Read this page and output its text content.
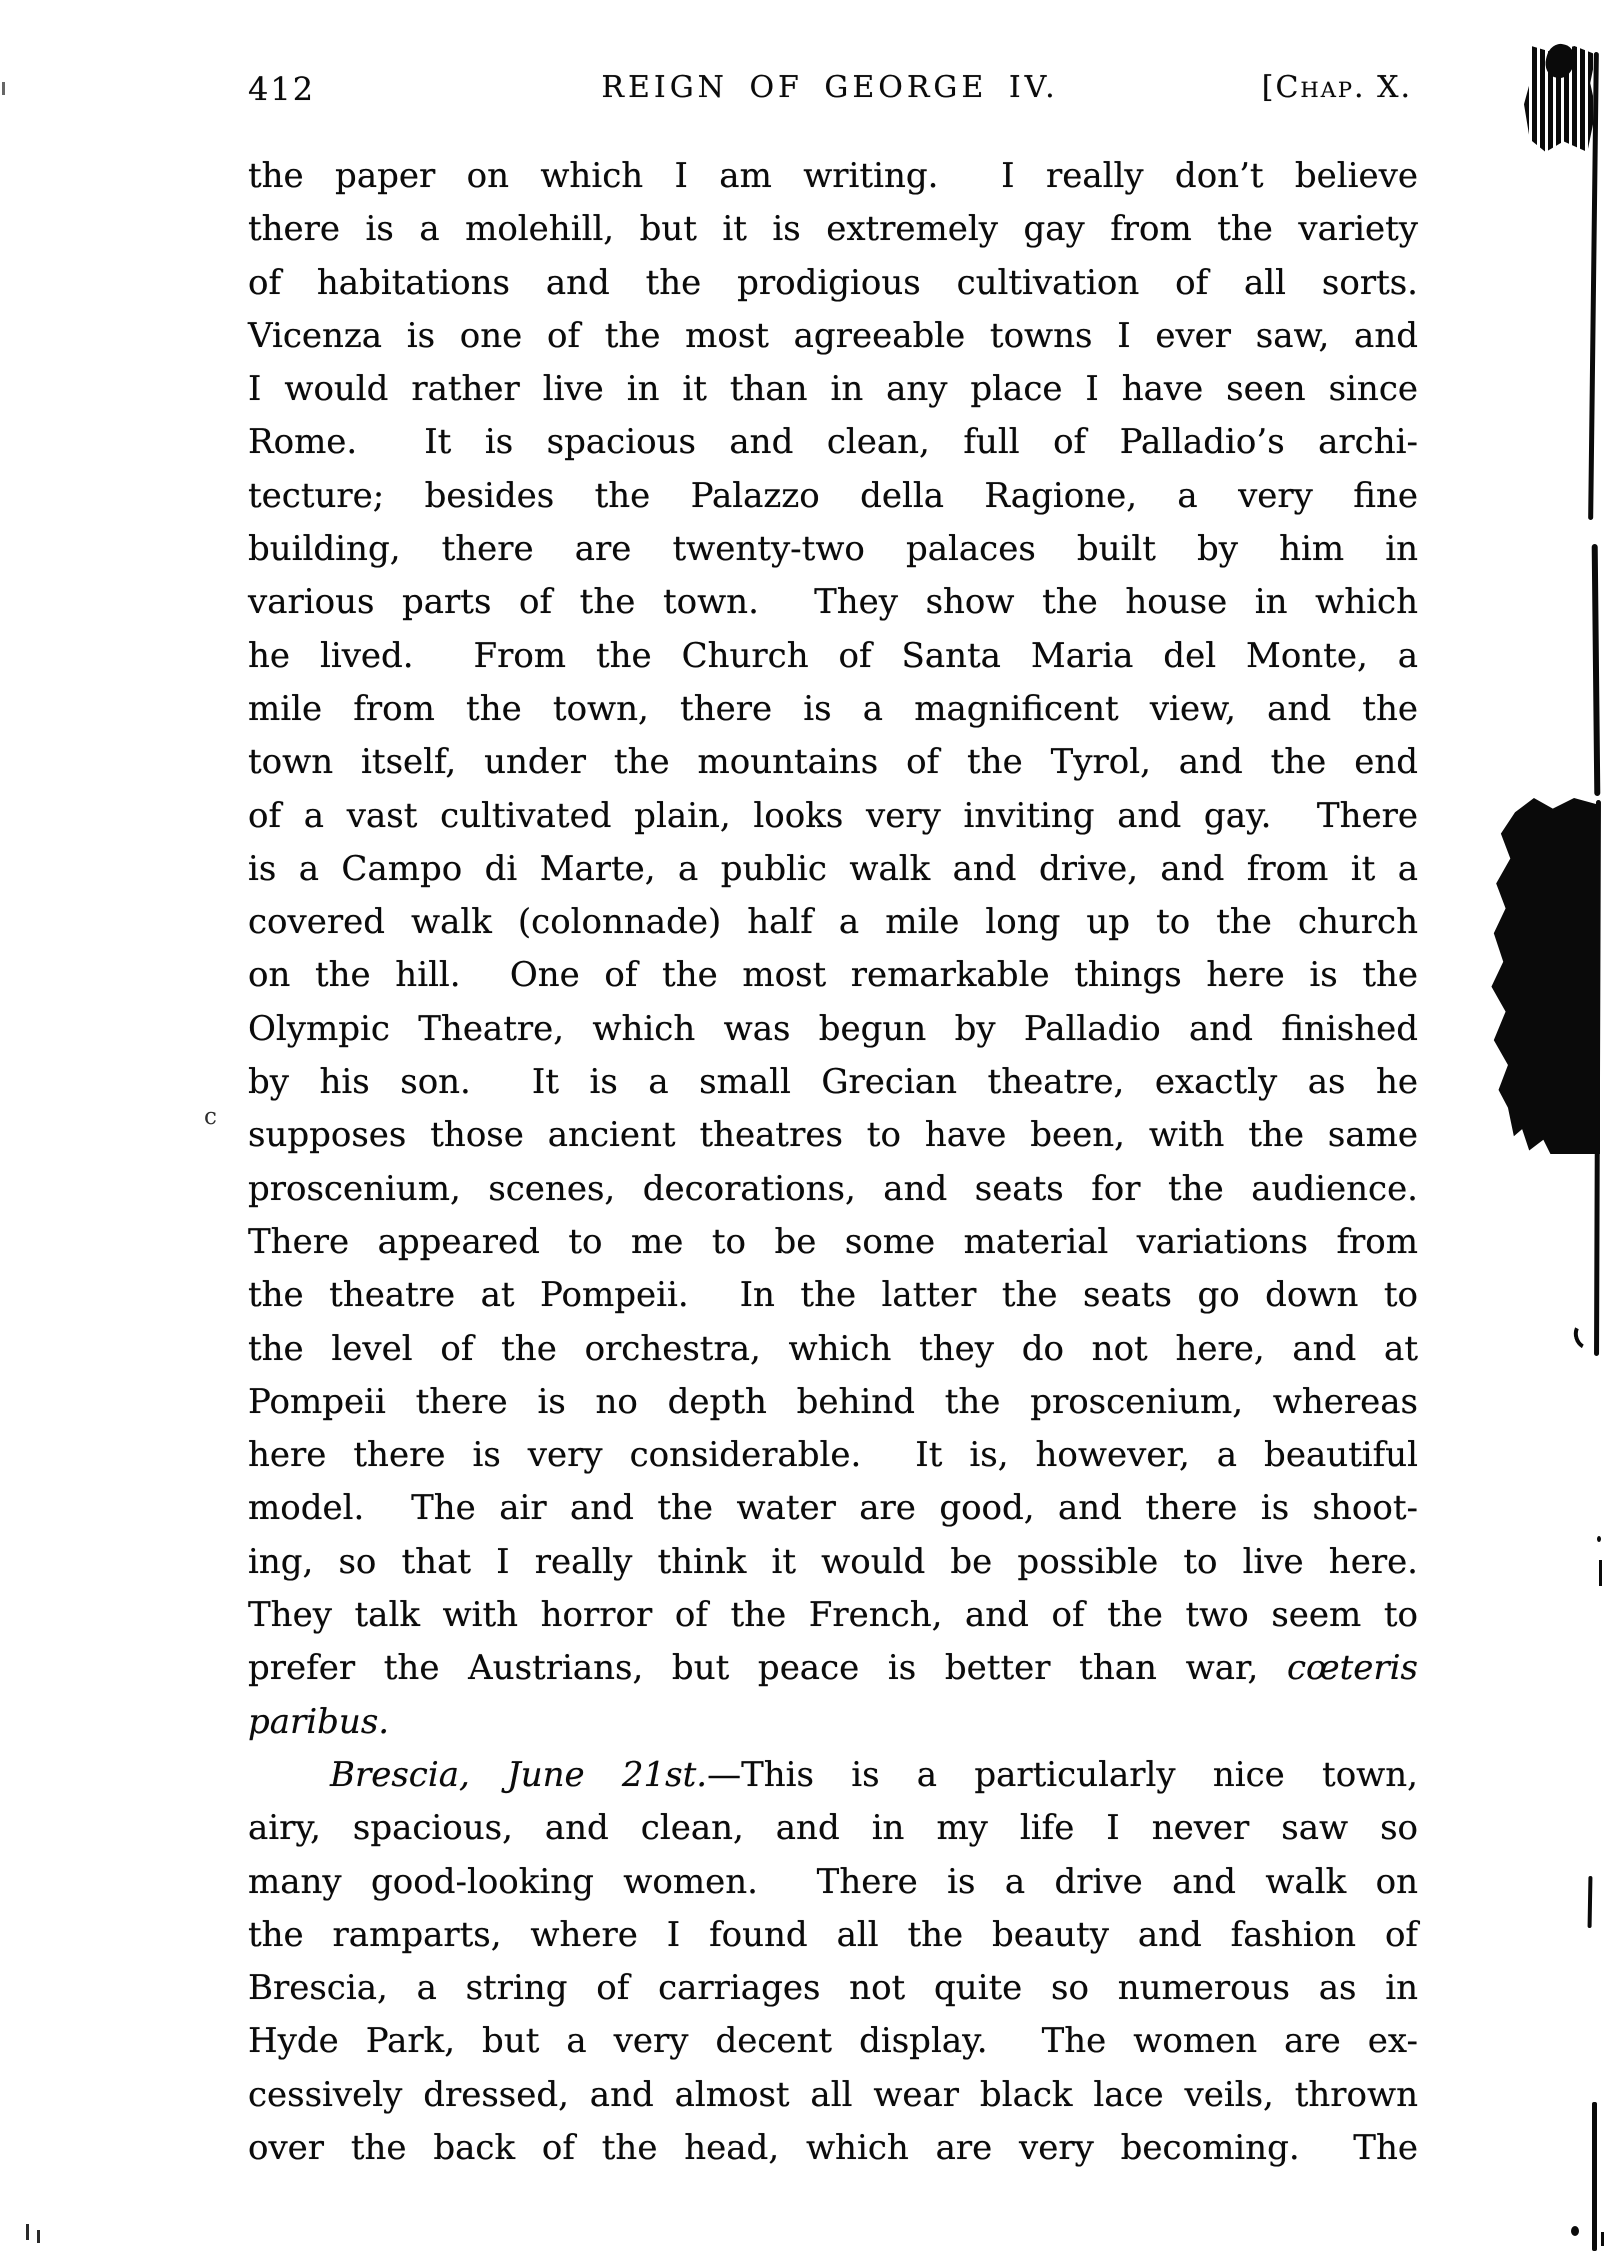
412	REIGN OF GEORGE IV.	[Chap. X.
the paper on which I am writing.  I really don’t believe
there is a molehill, but it is extremely gay from the variety
of habitations and the prodigious cultivation of all sorts.
Vicenza is one of the most agreeable towns I ever saw, and
I would rather live in it than in any place I have seen since
Rome.  It is spacious and clean, full of Palladio’s archi-
tecture; besides the Palazzo della Ragione, a very fine
building, there are twenty-two palaces built by him in
various parts of the town.  They show the house in which
he lived.  From the Church of Santa Maria del Monte, a
mile from the town, there is a magnificent view, and the
town itself, under the mountains of the Tyrol, and the end
of a vast cultivated plain, looks very inviting and gay.  There
is a Campo di Marte, a public walk and drive, and from it a
covered walk (colonnade) half a mile long up to the church
on the hill.  One of the most remarkable things here is the
Olympic Theatre, which was begun by Palladio and finished
by his son.  It is a small Grecian theatre, exactly as he
supposes those ancient theatres to have been, with the same
proscenium, scenes, decorations, and seats for the audience.
There appeared to me to be some material variations from
the theatre at Pompeii.  In the latter the seats go down to
the level of the orchestra, which they do not here, and at
Pompeii there is no depth behind the proscenium, whereas
here there is very considerable.  It is, however, a beautiful
model.  The air and the water are good, and there is shoot-
ing, so that I really think it would be possible to live here.
They talk with horror of the French, and of the two seem to
prefer the Austrians, but peace is better than war, cœteris
paribus.
Brescia, June 21st.—This is a particularly nice town,
airy, spacious, and clean, and in my life I never saw so
many good-looking women.  There is a drive and walk on
the ramparts, where I found all the beauty and fashion of
Brescia, a string of carriages not quite so numerous as in
Hyde Park, but a very decent display.  The women are ex-
cessively dressed, and almost all wear black lace veils, thrown
over the back of the head, which are very becoming.  The
c
